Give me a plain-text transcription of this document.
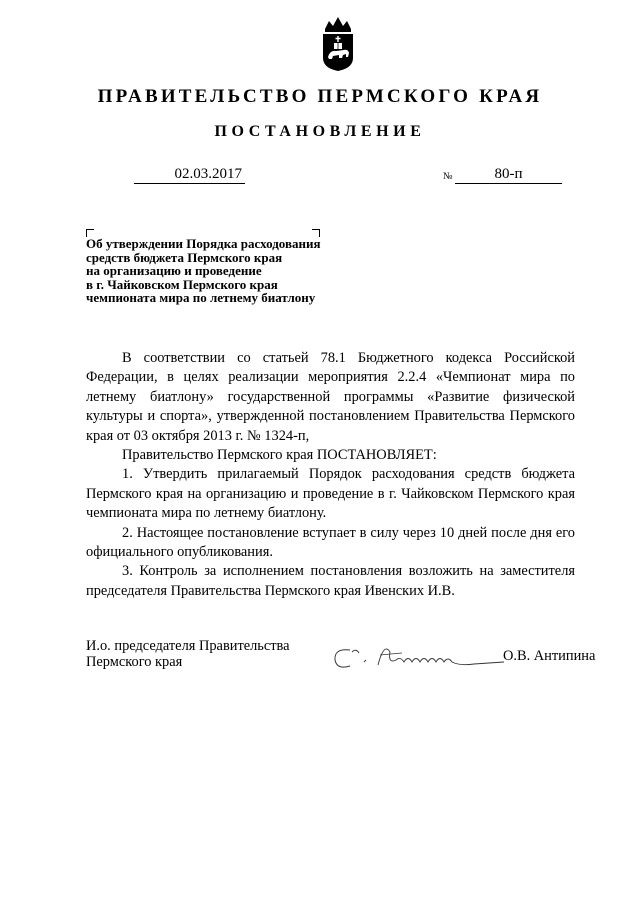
ПРАВИТЕЛЬСТВО ПЕРМСКОГО КРАЯ
ПОСТАНОВЛЕНИЕ
02.03.2017	№	80-п
Об утверждении Порядка расходования
средств бюджета Пермского края
на организацию и проведение
в г. Чайковском Пермского края
чемпионата мира по летнему биатлону

В соответствии со статьей 78.1 Бюджетного кодекса Российской Федерации, в целях реализации мероприятия 2.2.4 «Чемпионат мира по летнему биатлону» государственной программы «Развитие физической культуры и спорта», утвержденной постановлением Правительства Пермского края от 03 октября 2013 г. № 1324-п,

Правительство Пермского края ПОСТАНОВЛЯЕТ:

1. Утвердить прилагаемый Порядок расходования средств бюджета Пермского края на организацию и проведение в г. Чайковском Пермского края чемпионата мира по летнему биатлону.

2. Настоящее постановление вступает в силу через 10 дней после дня его официального опубликования.

3. Контроль за исполнением постановления возложить на заместителя председателя Правительства Пермского края Ивенских И.В.

И.о. председателя Правительства
Пермского края	О.В. Антипина
